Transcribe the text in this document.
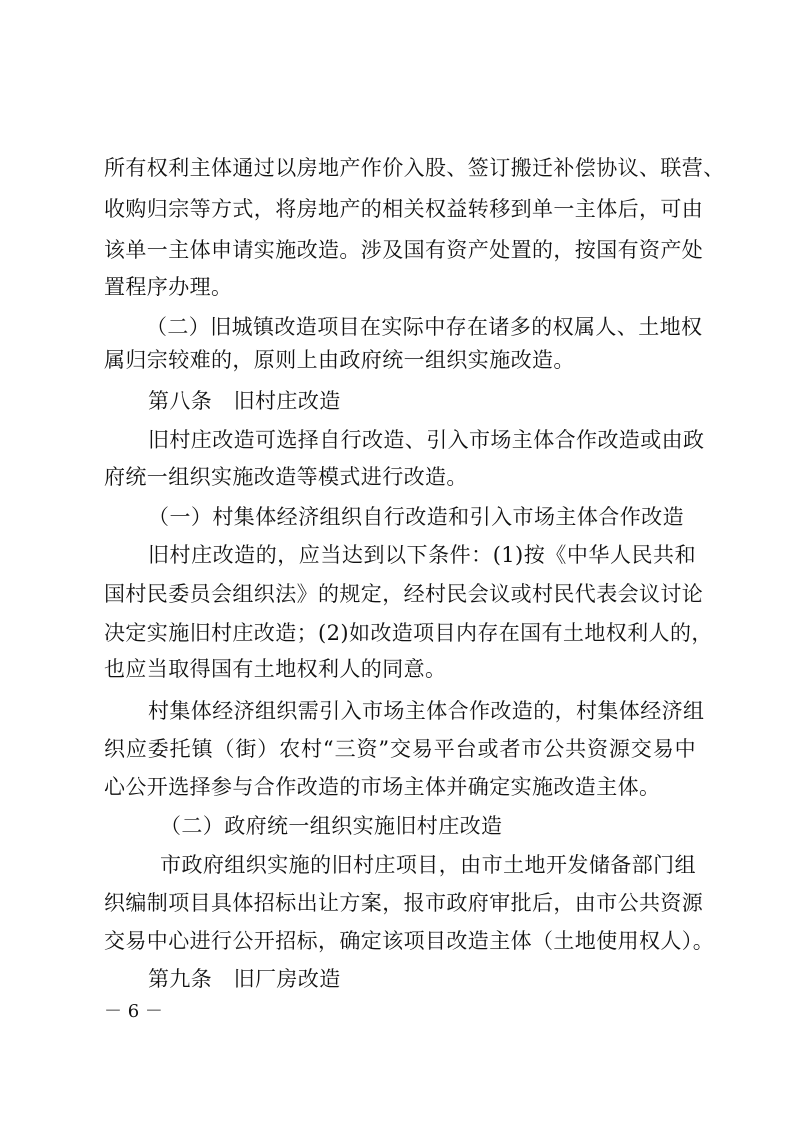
所有权利主体通过以房地产作价入股、签订搬迁补偿协议、联营、
收购归宗等方式，将房地产的相关权益转移到单一主体后，可由
该单一主体申请实施改造。涉及国有资产处置的，按国有资产处
置程序办理。
（二）旧城镇改造项目在实际中存在诸多的权属人、土地权
属归宗较难的，原则上由政府统一组织实施改造。
第八条　旧村庄改造
旧村庄改造可选择自行改造、引入市场主体合作改造或由政
府统一组织实施改造等模式进行改造。
（一）村集体经济组织自行改造和引入市场主体合作改造
旧村庄改造的，应当达到以下条件：(1)按《中华人民共和
国村民委员会组织法》的规定，经村民会议或村民代表会议讨论
决定实施旧村庄改造；(2)如改造项目内存在国有土地权利人的，
也应当取得国有土地权利人的同意。
村集体经济组织需引入市场主体合作改造的，村集体经济组
织应委托镇（街）农村“三资”交易平台或者市公共资源交易中
心公开选择参与合作改造的市场主体并确定实施改造主体。
（二）政府统一组织实施旧村庄改造
市政府组织实施的旧村庄项目，由市土地开发储备部门组
织编制项目具体招标出让方案，报市政府审批后，由市公共资源
交易中心进行公开招标，确定该项目改造主体（土地使用权人）。
第九条　旧厂房改造
－ 6 －
